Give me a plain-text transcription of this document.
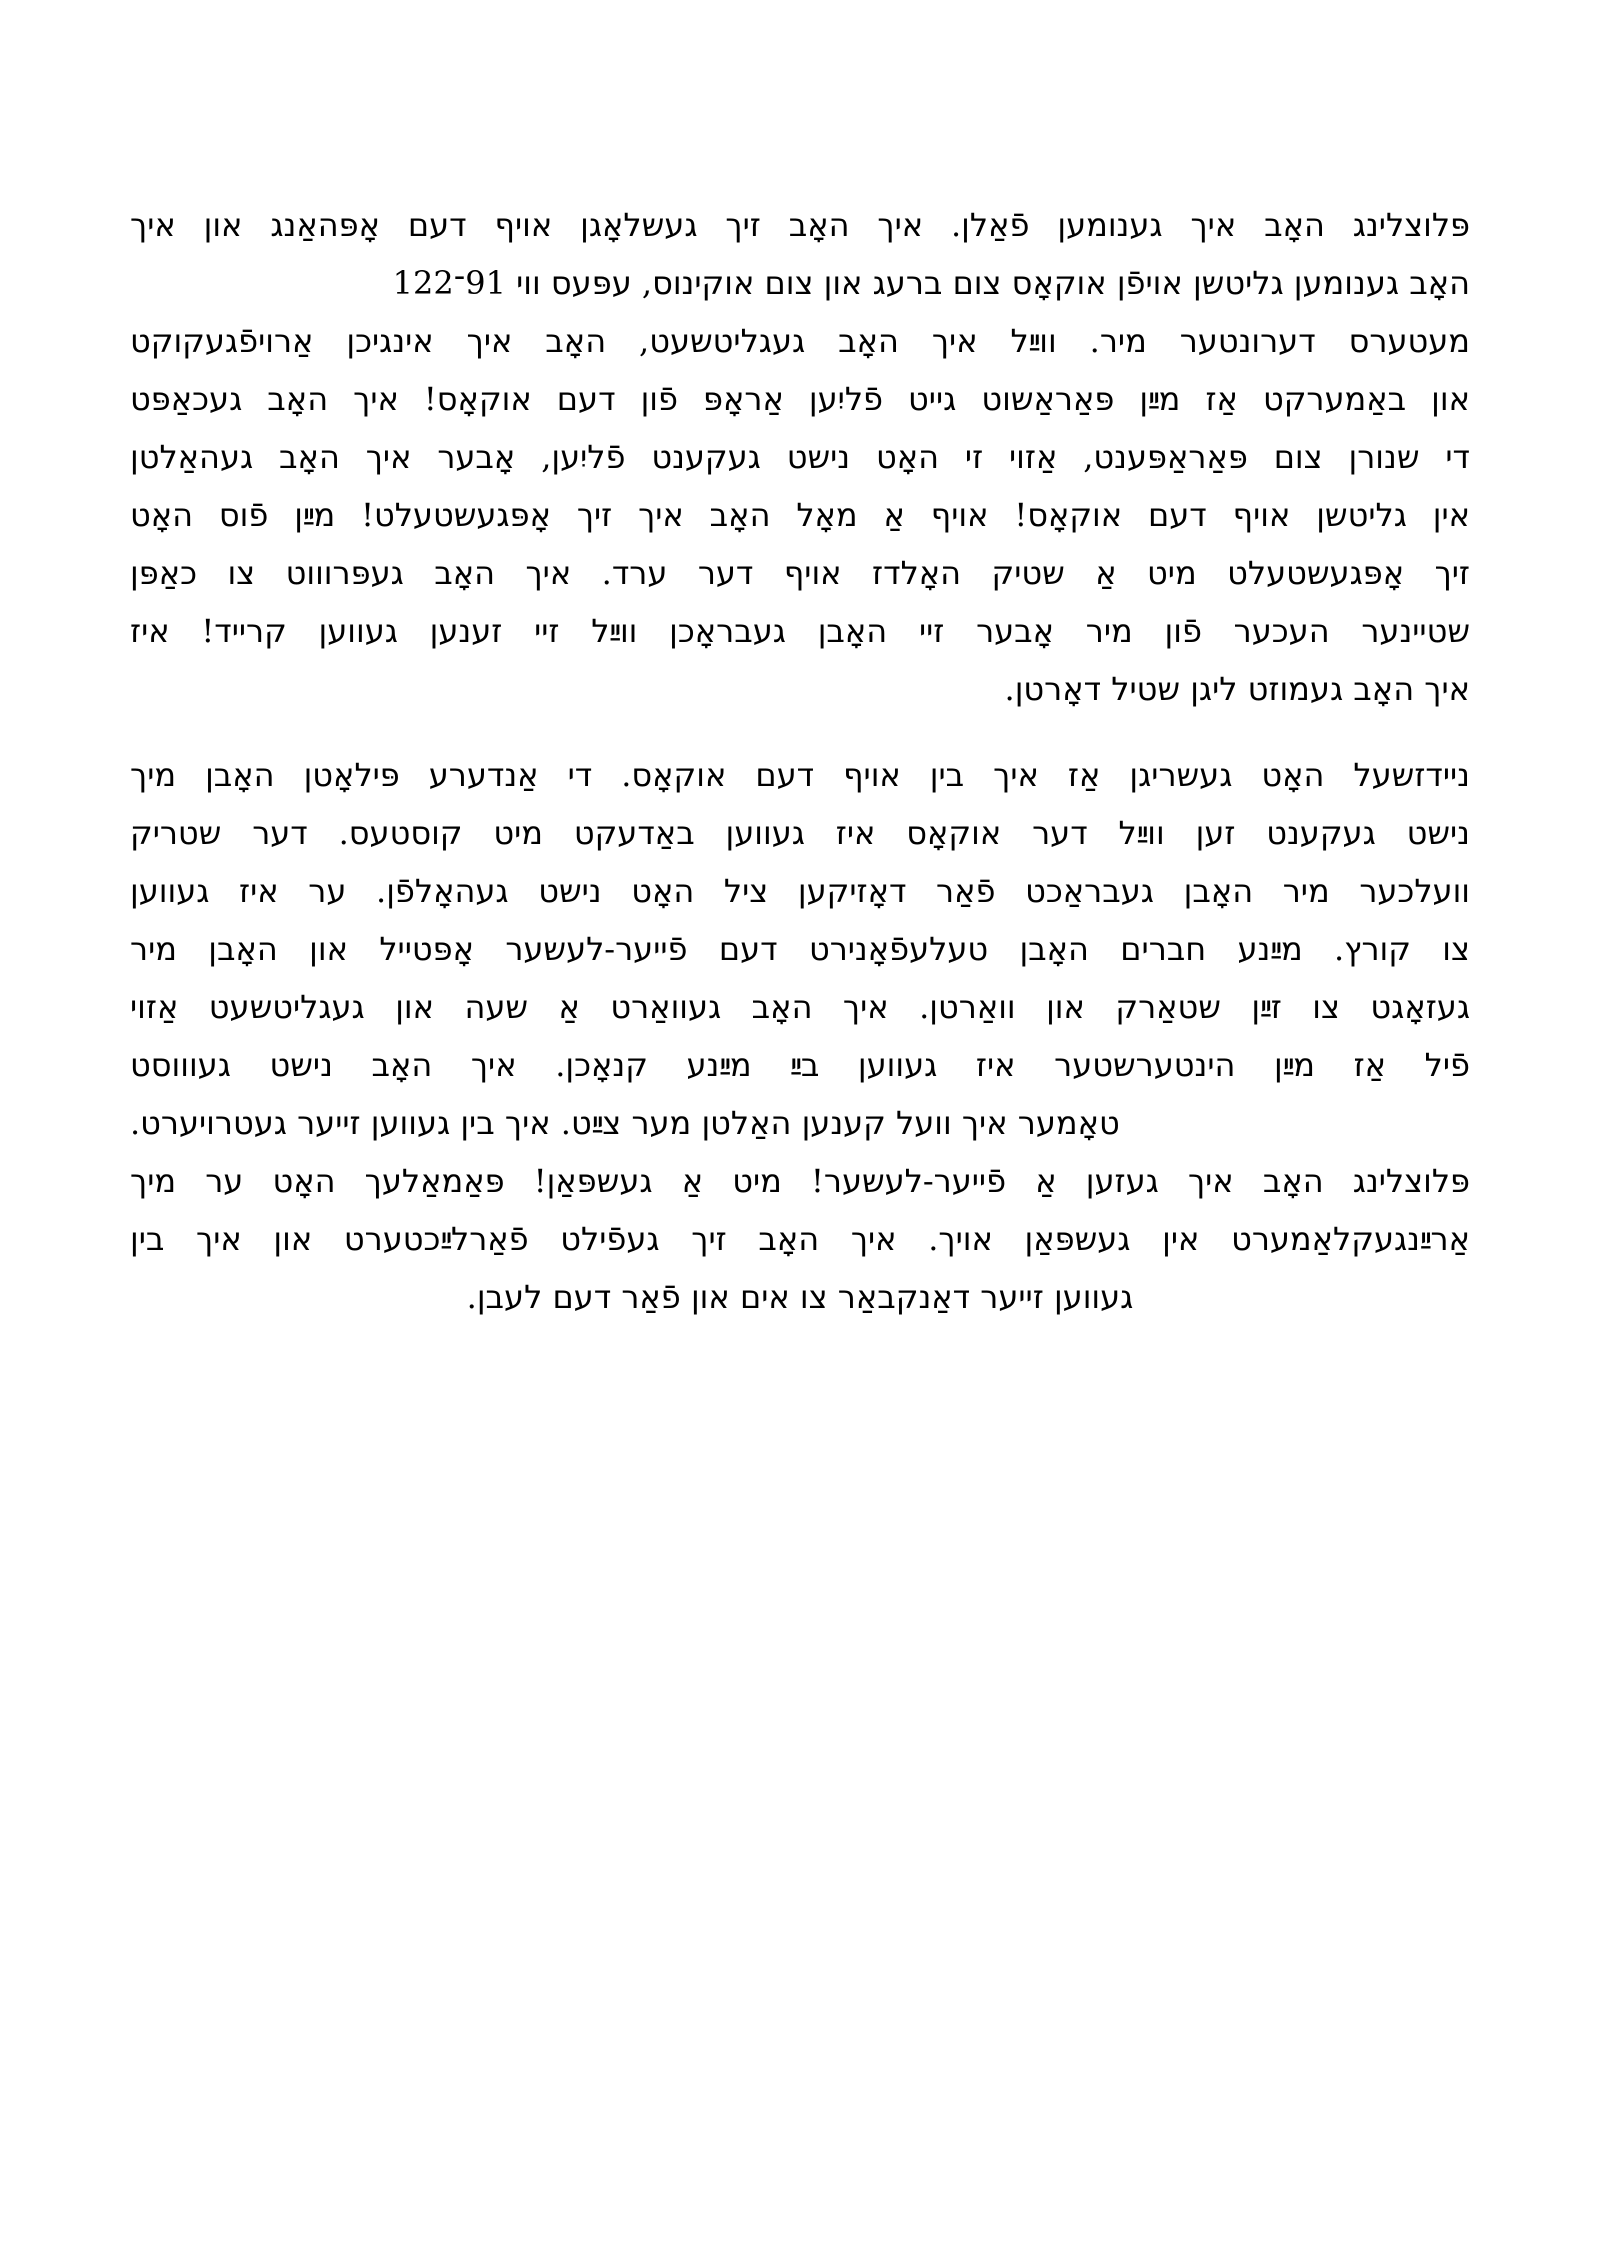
פּלוצלינג האָב איך גענומען פֿאַלן. איך האָב זיך געשלאָגן אויף דעם אָפּהאַנג און איך
האָב גענומען גליטשן אויפֿן אוקאָס צום ברעג און צום אוקינוס, עפּעס ווי 91־122
מעטערס דערונטער מיר. ווײַל איך האָב געגליטשעט, האָב איך אינגיכן אַרויפֿגעקוקט
און באַמערקט אַז מײַן פּאַראַשוט גייט פֿליִען אַראָפּ פֿון דעם אוקאָס! איך האָב געכאַפּט
די שנורן צום פּאַראַפּענט, אַזוי זי האָט נישט געקענט פֿליִען, אָבער איך האָב געהאַלטן
אין גליטשן אויף דעם אוקאָס! אויף אַ מאָל האָב איך זיך אָפּגעשטעלט! מײַן פֿוס האָט
זיך אָפּגעשטעלט מיט אַ שטיק האָלדז אויף דער ערד. איך האָב געפּרוווט צו כאַפּן
שטיינער העכער פֿון מיר אָבער זיי האָבן געבראָכן ווײַל זיי זענען געווען קרייד! איז
איך האָב געמוזט ליגן שטיל דאָרטן.
ניידזשעל האָט געשריגן אַז איך בין אויף דעם אוקאָס. די אַנדערע פּילאָטן האָבן מיך
נישט געקענט זען ווײַל דער אוקאָס איז געווען באַדעקט מיט קוסטעס. דער שטריק
וועלכער מיר האָבן געבראַכט פֿאַר דאָזיקען ציל האָט נישט געהאָלפֿן. ער איז געווען
צו קורץ. מײַנע חברים האָבן טעלעפֿאָנירט דעם פֿייער-לעשער אָפּטייל און האָבן מיר
געזאָגט צו זײַן שטאַרק און וואַרטן. איך האָב געוואַרט אַ שעה און געגליטשעט אַזוי
פֿיל אַז מײַן הינטערשטער איז געווען בײַ מײַנע קנאָכן. איך האָב נישט געוווסט
טאָמער איך וועל קענען האַלטן מער צײַט. איך בין געווען זייער געטרויערט.
פּלוצלינג האָב איך געזען אַ פֿייער-לעשער! מיט אַ געשפּאַן! פּאַמאַלעך האָט ער מיך
אַרײַנגעקלאַמערט אין געשפּאַן אויך. איך האָב זיך געפֿילט פֿאַרלײַכטערט און איך בין
געווען זייער דאַנקבאַר צו אים און פֿאַר דעם לעבן.
